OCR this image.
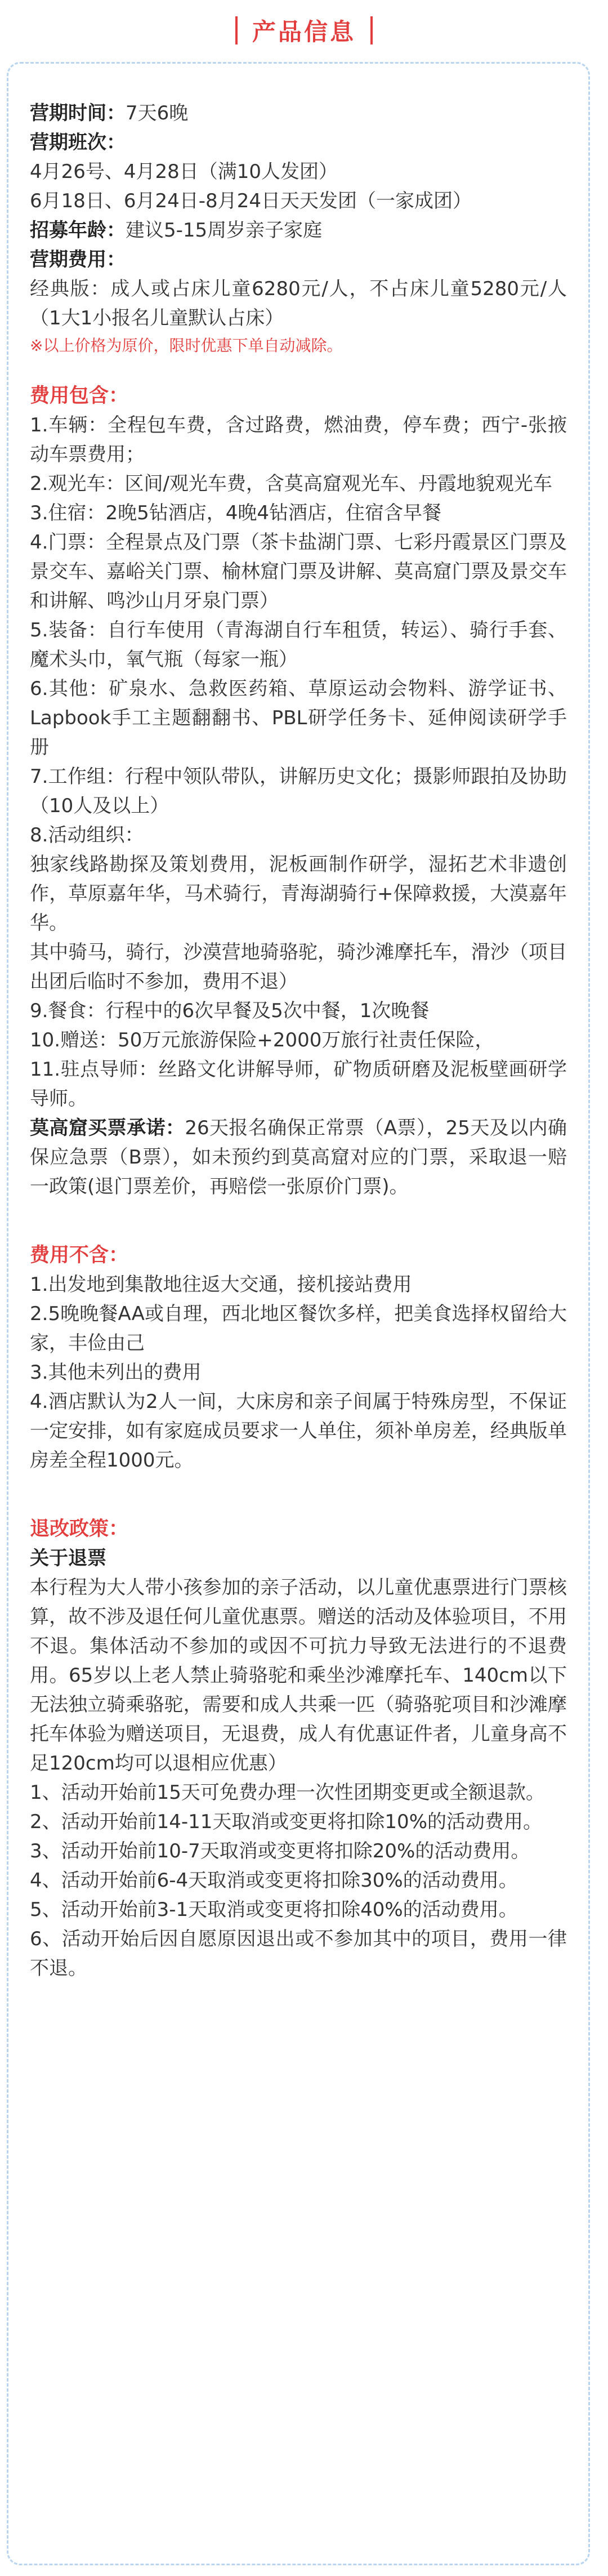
产品信息

营期时间：7天6晚

营期班次：

4月26号、4月28日（满10人发团）

6月18日、6月24日-8月24日天天发团（一家成团）

招募年龄：建议5-15周岁亲子家庭

营期费用：

经典版：成人或占床儿童6280元/人，不占床儿童5280元/人（1大1小报名儿童默认占床）

※以上价格为原价，限时优惠下单自动减除。
费用包含：

1.车辆：全程包车费，含过路费，燃油费，停车费；西宁-张掖动车票费用；

2.观光车：区间/观光车费，含莫高窟观光车、丹霞地貌观光车

3.住宿：2晚5钻酒店，4晚4钻酒店，住宿含早餐

4.门票：全程景点及门票（茶卡盐湖门票、七彩丹霞景区门票及景交车、嘉峪关门票、榆林窟门票及讲解、莫高窟门票及景交车和讲解、鸣沙山月牙泉门票）

5.装备：自行车使用（青海湖自行车租赁，转运）、骑行手套、魔术头巾，氧气瓶（每家一瓶）

6.其他：矿泉水、急救医药箱、草原运动会物料、游学证书、Lapbook手工主题翻翻书、PBL研学任务卡、延伸阅读研学手册

7.工作组：行程中领队带队，讲解历史文化；摄影师跟拍及协助（10人及以上）

8.活动组织：

独家线路勘探及策划费用，泥板画制作研学，湿拓艺术非遗创作，草原嘉年华，马术骑行，青海湖骑行+保障救援，大漠嘉年华。

其中骑马，骑行，沙漠营地骑骆驼，骑沙滩摩托车，滑沙（项目出团后临时不参加，费用不退）

9.餐食：行程中的6次早餐及5次中餐，1次晚餐

10.赠送：50万元旅游保险+2000万旅行社责任保险，

11.驻点导师：丝路文化讲解导师，矿物质研磨及泥板壁画研学导师。

莫高窟买票承诺：26天报名确保正常票（A票），25天及以内确保应急票（B票），如未预约到莫高窟对应的门票，采取退一赔一政策(退门票差价，再赔偿一张原价门票)。

费用不含：

1.出发地到集散地往返大交通，接机接站费用

2.5晚晚餐AA或自理，西北地区餐饮多样，把美食选择权留给大家，丰俭由己

3.其他未列出的费用

4.酒店默认为2人一间，大床房和亲子间属于特殊房型，不保证一定安排，如有家庭成员要求一人单住，须补单房差，经典版单房差全程1000元。

退改政策：
关于退票

本行程为大人带小孩参加的亲子活动，以儿童优惠票进行门票核算，故不涉及退任何儿童优惠票。赠送的活动及体验项目，不用不退。集体活动不参加的或因不可抗力导致无法进行的不退费用。65岁以上老人禁止骑骆驼和乘坐沙滩摩托车、140cm以下无法独立骑乘骆驼，需要和成人共乘一匹（骑骆驼项目和沙滩摩托车体验为赠送项目，无退费，成人有优惠证件者，儿童身高不足120cm均可以退相应优惠）

1、活动开始前15天可免费办理一次性团期变更或全额退款。

2、活动开始前14-11天取消或变更将扣除10%的活动费用。

3、活动开始前10-7天取消或变更将扣除20%的活动费用。

4、活动开始前6-4天取消或变更将扣除30%的活动费用。

5、活动开始前3-1天取消或变更将扣除40%的活动费用。

6、活动开始后因自愿原因退出或不参加其中的项目，费用一律不退。
